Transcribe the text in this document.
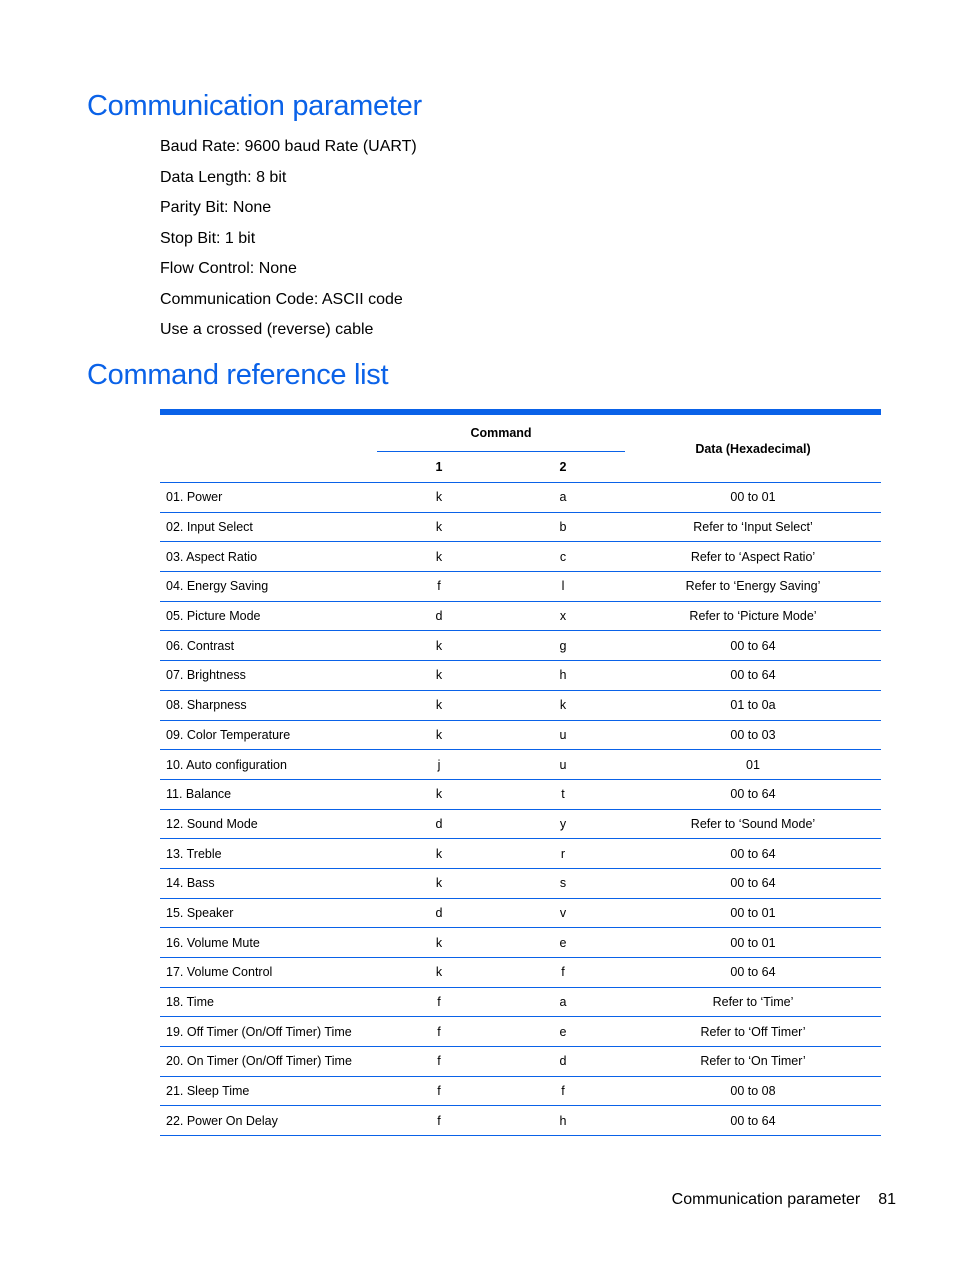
Communication parameter
Baud Rate: 9600 baud Rate (UART)
Data Length: 8 bit
Parity Bit: None
Stop Bit: 1 bit
Flow Control: None
Communication Code: ASCII code
Use a crossed (reverse) cable
Command reference list
	Command		Data (Hexadecimal)
	1	2	
01. Power	k	a	00 to 01
02. Input Select	k	b	Refer to ‘Input Select’
03. Aspect Ratio	k	c	Refer to ‘Aspect Ratio’
04. Energy Saving	f	l	Refer to ‘Energy Saving’
05. Picture Mode	d	x	Refer to ‘Picture Mode’
06. Contrast	k	g	00 to 64
07. Brightness	k	h	00 to 64
08. Sharpness	k	k	01 to 0a
09. Color Temperature	k	u	00 to 03
10. Auto configuration	j	u	01
11. Balance	k	t	00 to 64
12. Sound Mode	d	y	Refer to ‘Sound Mode’
13. Treble	k	r	00 to 64
14. Bass	k	s	00 to 64
15. Speaker	d	v	00 to 01
16. Volume Mute	k	e	00 to 01
17. Volume Control	k	f	00 to 64
18. Time	f	a	Refer to ‘Time’
19. Off Timer (On/Off Timer) Time	f	e	Refer to ‘Off Timer’
20. On Timer (On/Off Timer) Time	f	d	Refer to ‘On Timer’
21. Sleep Time	f	f	00 to 08
22. Power On Delay	f	h	00 to 64
Communication parameter 81
